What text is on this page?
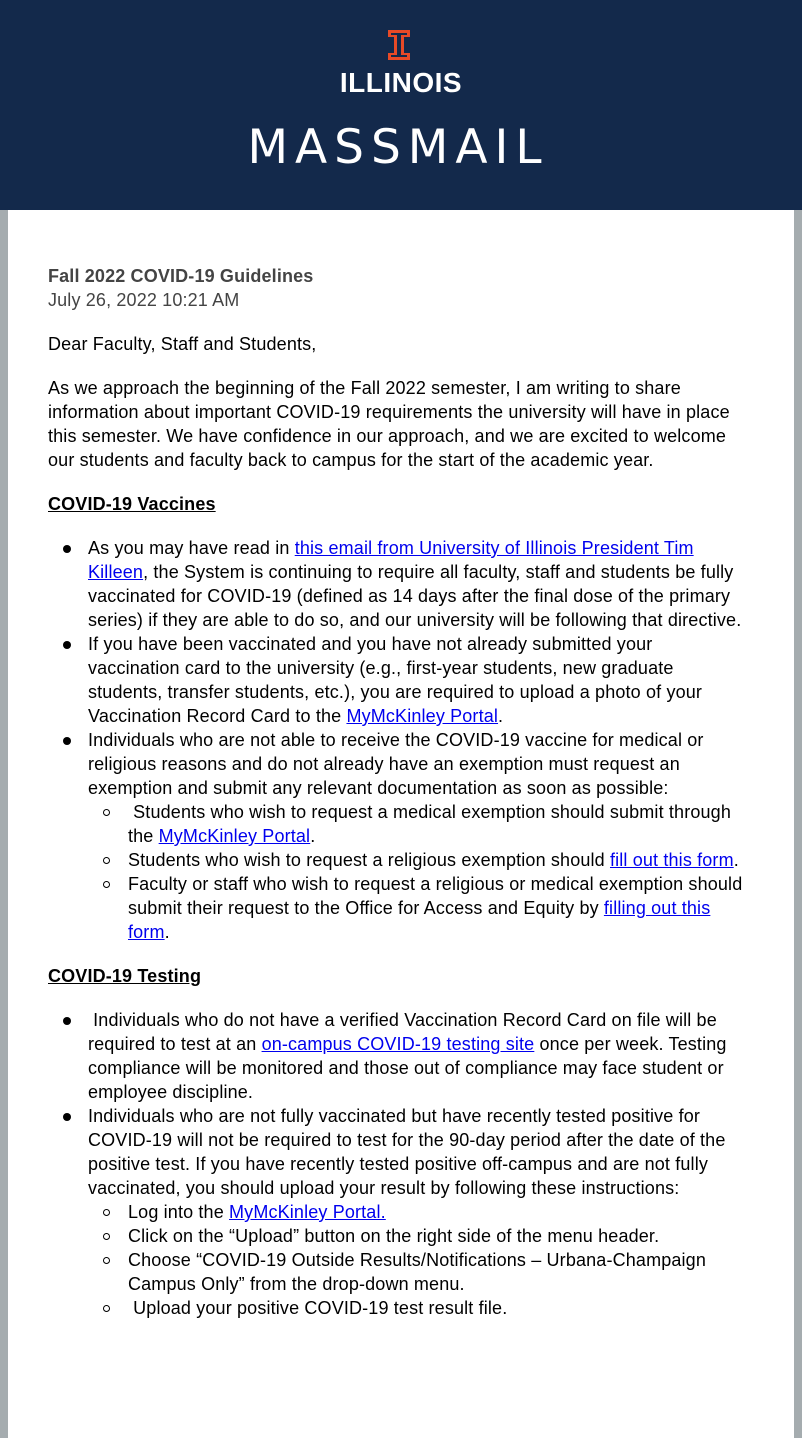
ILLINOIS
MASSMAIL
Fall 2022 COVID-19 Guidelines
July 26, 2022 10:21 AM

Dear Faculty, Staff and Students,

As we approach the beginning of the Fall 2022 semester, I am writing to share information about important COVID-19 requirements the university will have in place this semester. We have confidence in our approach, and we are excited to welcome our students and faculty back to campus for the start of the academic year.

COVID-19 Vaccines
As you may have read in this email from University of Illinois President Tim Killeen, the System is continuing to require all faculty, staff and students be fully vaccinated for COVID-19 (defined as 14 days after the final dose of the primary series) if they are able to do so, and our university will be following that directive.
If you have been vaccinated and you have not already submitted your vaccination card to the university (e.g., first-year students, new graduate students, transfer students, etc.), you are required to upload a photo of your Vaccination Record Card to the MyMcKinley Portal.
Individuals who are not able to receive the COVID-19 vaccine for medical or religious reasons and do not already have an exemption must request an exemption and submit any relevant documentation as soon as possible:
Students who wish to request a medical exemption should submit through the MyMcKinley Portal.
Students who wish to request a religious exemption should fill out this form.
Faculty or staff who wish to request a religious or medical exemption should submit their request to the Office for Access and Equity by filling out this form.
COVID-19 Testing
Individuals who do not have a verified Vaccination Record Card on file will be required to test at an on-campus COVID-19 testing site once per week. Testing compliance will be monitored and those out of compliance may face student or employee discipline.
Individuals who are not fully vaccinated but have recently tested positive for COVID-19 will not be required to test for the 90-day period after the date of the positive test. If you have recently tested positive off-campus and are not fully vaccinated, you should upload your result by following these instructions:
Log into the MyMcKinley Portal.
Click on the “Upload” button on the right side of the menu header.
Choose “COVID-19 Outside Results/Notifications – Urbana-Champaign Campus Only” from the drop-down menu.
Upload your positive COVID-19 test result file.
